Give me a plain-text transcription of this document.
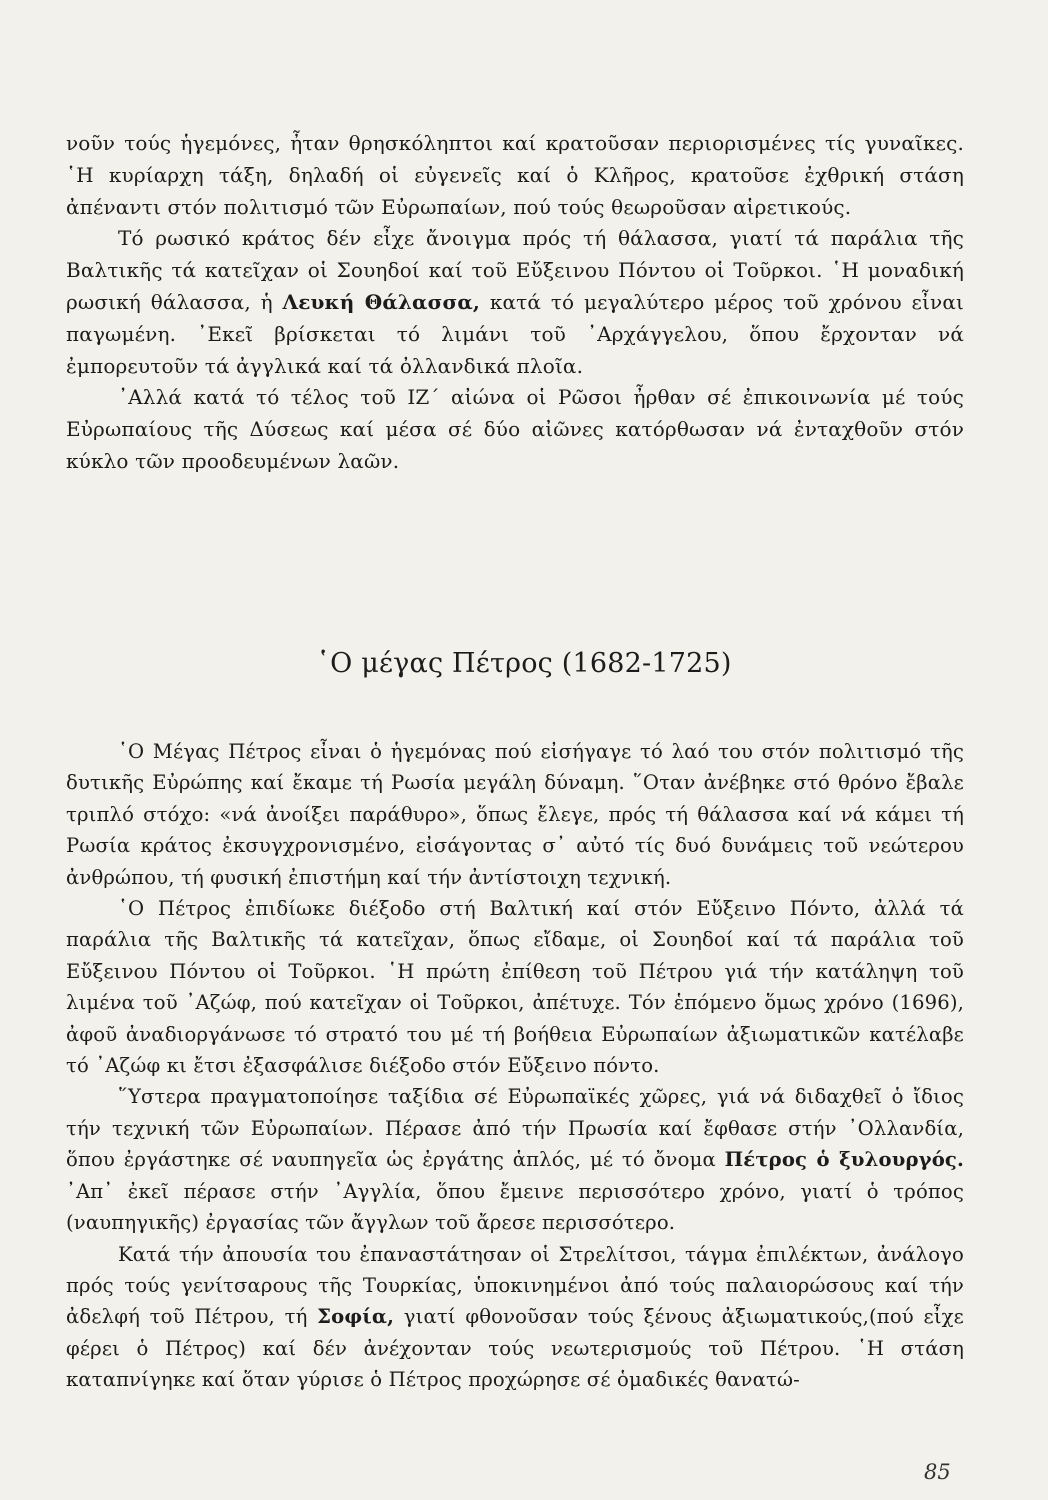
νοῦν τούς ἡγεμόνες, ἦταν θρησκόληπτοι καί κρατοῦσαν περιορισμένες τίς γυναῖκες. ῾Η κυρίαρχη τάξη, δηλαδή οἱ εὐγενεῖς καί ὁ Κλῆρος, κρατοῦσε ἐχθρική στάση ἀπέναντι στόν πολιτισμό τῶν Εὐρωπαίων, πού τούς θεωροῦσαν αἱρετικούς.

Τό ρωσικό κράτος δέν εἶχε ἄνοιγμα πρός τή θάλασσα, γιατί τά παράλια τῆς Βαλτικῆς τά κατεῖχαν οἱ Σουηδοί καί τοῦ Εὔξεινου Πόντου οἱ Τοῦρκοι. ῾Η μοναδική ρωσική θάλασσα, ἡ Λευκή Θάλασσα, κατά τό μεγαλύτερο μέρος τοῦ χρόνου εἶναι παγωμένη. ᾿Εκεῖ βρίσκεται τό λιμάνι τοῦ ᾿Αρχάγγελου, ὅπου ἔρχονταν νά ἐμπορευτοῦν τά ἀγγλικά καί τά ὀλλανδικά πλοῖα.

᾿Αλλά κατά τό τέλος τοῦ ΙΖ΄ αἰώνα οἱ Ρῶσοι ἦρθαν σέ ἐπικοινωνία μέ τούς Εὐρωπαίους τῆς Δύσεως καί μέσα σέ δύο αἰῶνες κατόρθωσαν νά ἐνταχθοῦν στόν κύκλο τῶν προοδευμένων λαῶν.

῾Ο μέγας Πέτρος (1682-1725)

῾Ο Μέγας Πέτρος εἶναι ὁ ἡγεμόνας πού εἰσήγαγε τό λαό του στόν πολιτισμό τῆς δυτικῆς Εὐρώπης καί ἔκαμε τή Ρωσία μεγάλη δύναμη. ῞Οταν ἀνέβηκε στό θρόνο ἔβαλε τριπλό στόχο: «νά ἀνοίξει παράθυρο», ὅπως ἔλεγε, πρός τή θάλασσα καί νά κάμει τή Ρωσία κράτος ἐκσυγχρονισμένο, εἰσάγοντας σ᾿ αὐτό τίς δυό δυνάμεις τοῦ νεώτερου ἀνθρώπου, τή φυσική ἐπιστήμη καί τήν ἀντίστοιχη τεχνική.

῾Ο Πέτρος ἐπιδίωκε διέξοδο στή Βαλτική καί στόν Εὔξεινο Πόντο, ἀλλά τά παράλια τῆς Βαλτικῆς τά κατεῖχαν, ὅπως εἴδαμε, οἱ Σουηδοί καί τά παράλια τοῦ Εὔξεινου Πόντου οἱ Τοῦρκοι. ῾Η πρώτη ἐπίθεση τοῦ Πέτρου γιά τήν κατάληψη τοῦ λιμένα τοῦ ᾿Αζώφ, πού κατεῖχαν οἱ Τοῦρκοι, ἀπέτυχε. Τόν ἑπόμενο ὅμως χρόνο (1696), ἀφοῦ ἀναδιοργάνωσε τό στρατό του μέ τή βοήθεια Εὐρωπαίων ἀξιωματικῶν κατέλαβε τό ᾿Αζώφ κι ἔτσι ἐξασφάλισε διέξοδο στόν Εὔξεινο πόντο.

῞Υστερα πραγματοποίησε ταξίδια σέ Εὐρωπαϊκές χῶρες, γιά νά διδαχθεῖ ὁ ἴδιος τήν τεχνική τῶν Εὐρωπαίων. Πέρασε ἀπό τήν Πρωσία καί ἔφθασε στήν ᾿Ολλανδία, ὅπου ἐργάστηκε σέ ναυπηγεῖα ὡς ἐργάτης ἁπλός, μέ τό ὄνομα Πέτρος ὁ ξυλουργός. ᾿Απ᾿ ἐκεῖ πέρασε στήν ᾿Αγγλία, ὅπου ἔμεινε περισσότερο χρόνο, γιατί ὁ τρόπος (ναυπηγικῆς) ἐργασίας τῶν ἄγγλων τοῦ ἄρεσε περισσότερο.

Κατά τήν ἀπουσία του ἐπαναστάτησαν οἱ Στρελίτσοι, τάγμα ἐπιλέκτων, ἀνάλογο πρός τούς γενίτσαρους τῆς Τουρκίας, ὑποκινημένοι ἀπό τούς παλαιορώσους καί τήν ἀδελφή τοῦ Πέτρου, τή Σοφία, γιατί φθονοῦσαν τούς ξένους ἀξιωματικούς,(πού εἶχε φέρει ὁ Πέτρος) καί δέν ἀνέχονταν τούς νεωτερισμούς τοῦ Πέτρου. ῾Η στάση καταπνίγηκε καί ὅταν γύρισε ὁ Πέτρος προχώρησε σέ ὁμαδικές θανατώ-

85
